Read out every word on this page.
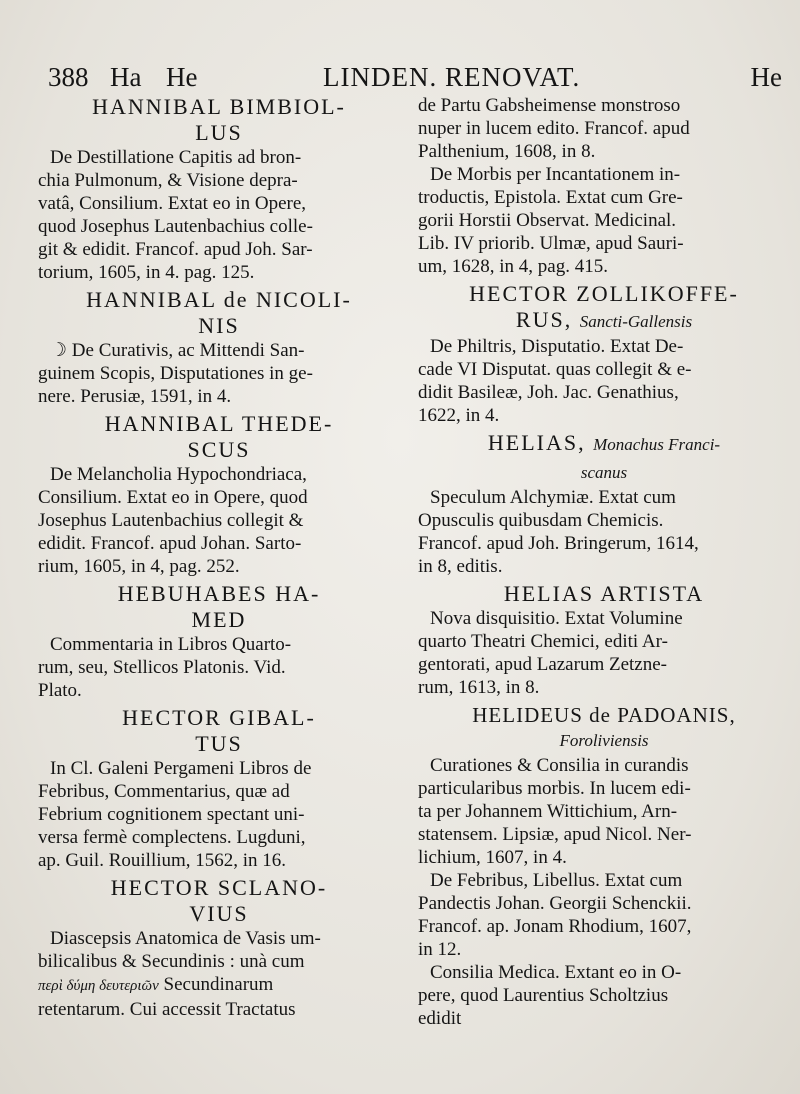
388 Ha He	LINDEN. RENOVAT.	He

HANNIBAL BIMBIOL-
LUS

De Destillatione Capitis ad bron-
chia Pulmonum, & Visione depra-
vatâ, Consilium. Extat eo in Opere,
quod Josephus Lautenbachius colle-
git & edidit. Francof. apud Joh. Sar-
torium, 1605, in 4. pag. 125.

HANNIBAL de NICOLI-
NIS

☽ De Curativis, ac Mittendi San-
guinem Scopis, Disputationes in ge-
nere. Perusiæ, 1591, in 4.

HANNIBAL THEDE-
SCUS

De Melancholia Hypochondriaca,
Consilium. Extat eo in Opere, quod
Josephus Lautenbachius collegit &
edidit. Francof. apud Johan. Sarto-
rium, 1605, in 4, pag. 252.

HEBUHABES HA-
MED

Commentaria in Libros Quarto-
rum, seu, Stellicos Platonis. Vid.
Plato.

HECTOR GIBAL-
TUS

In Cl. Galeni Pergameni Libros de
Febribus, Commentarius, quæ ad
Febrium cognitionem spectant uni-
versa fermè complectens. Lugduni,
ap. Guil. Rouillium, 1562, in 16.

HECTOR SCLANO-
VIUS

Diascepsis Anatomica de Vasis um-
bilicalibus & Secundinis : unà cum
περὶ δύμη δευτεριῶν Secundinarum
retentarum. Cui accessit Tractatus

de Partu Gabsheimense monstroso
nuper in lucem edito. Francof. apud
Palthenium, 1608, in 8.

De Morbis per Incantationem in-
troductis, Epistola. Extat cum Gre-
gorii Horstii Observat. Medicinal.
Lib. IV priorib. Ulmæ, apud Sauri-
um, 1628, in 4, pag. 415.

HECTOR ZOLLIKOFFE-
RUS, Sancti-Gallensis

De Philtris, Disputatio. Extat De-
cade VI Disputat. quas collegit & e-
didit Basileæ, Joh. Jac. Genathius,
1622, in 4.

HELIAS, Monachus Franci-
scanus

Speculum Alchymiæ. Extat cum
Opusculis quibusdam Chemicis.
Francof. apud Joh. Bringerum, 1614,
in 8, editis.

HELIAS ARTISTA

Nova disquisitio. Extat Volumine
quarto Theatri Chemici, editi Ar-
gentorati, apud Lazarum Zetzne-
rum, 1613, in 8.

HELIDEUS de PADOANIS,

Foroliviensis

Curationes & Consilia in curandis
particularibus morbis. In lucem edi-
ta per Johannem Wittichium, Arn-
statensem. Lipsiæ, apud Nicol. Ner-
lichium, 1607, in 4.

De Febribus, Libellus. Extat cum
Pandectis Johan. Georgii Schenckii.
Francof. ap. Jonam Rhodium, 1607,
in 12.

Consilia Medica. Extant eo in O-
pere, quod Laurentius Scholtzius
edidit
